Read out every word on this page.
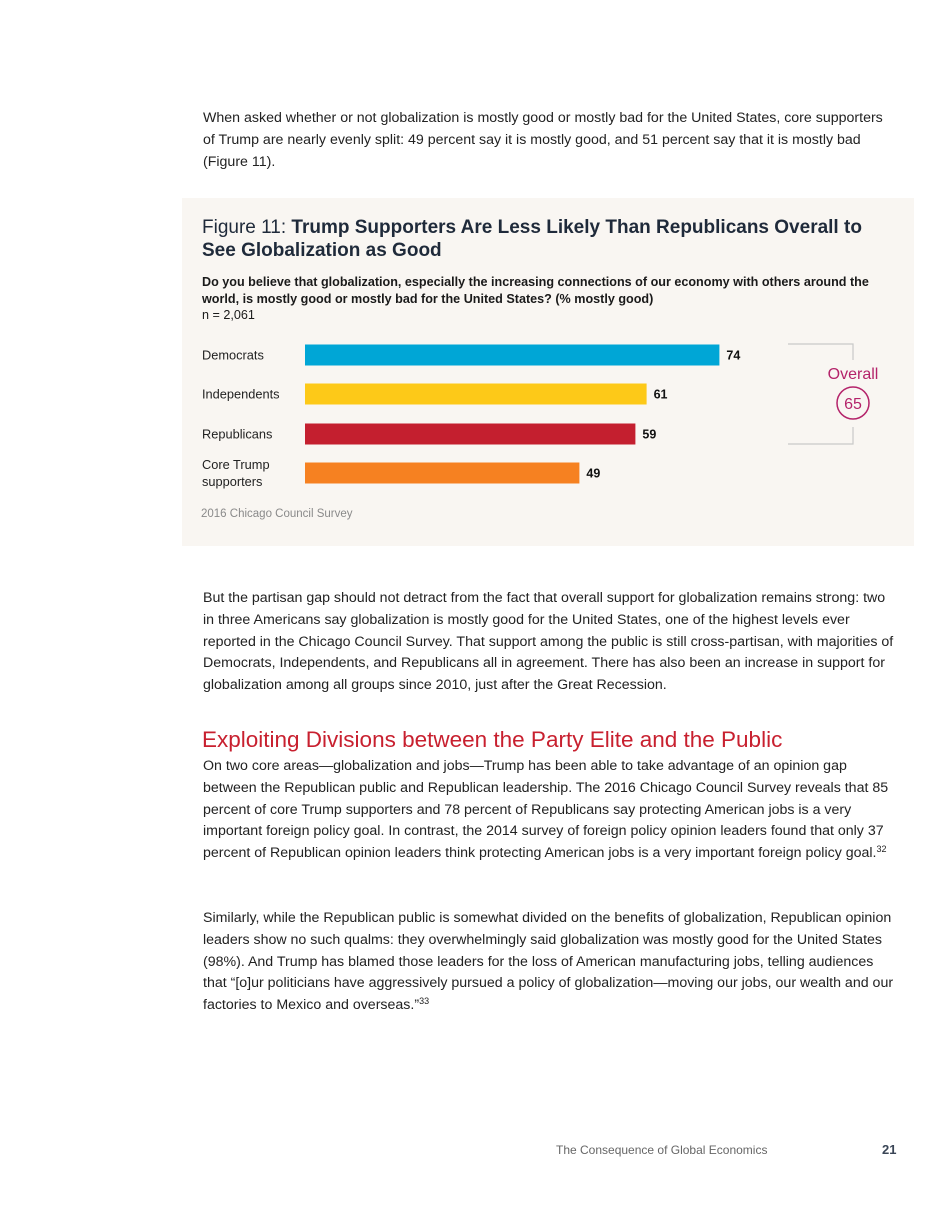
When asked whether or not globalization is mostly good or mostly bad for the United States, core supporters of Trump are nearly evenly split: 49 percent say it is mostly good, and 51 percent say that it is mostly bad (Figure 11).

Figure 11: Trump Supporters Are Less Likely Than Republicans Overall to See Globalization as Good
Do you believe that globalization, especially the increasing connections of our economy with others around the world, is mostly good or mostly bad for the United States? (% mostly good)
n = 2,061
74
Democrats
61
Independents
59
Republicans
49
Core Trump
supporters
Overall
65
2016 Chicago Council Survey

But the partisan gap should not detract from the fact that overall support for globalization remains strong: two in three Americans say globalization is mostly good for the United States, one of the highest levels ever reported in the Chicago Council Survey. That support among the public is still cross-partisan, with majorities of Democrats, Independents, and Republicans all in agreement. There has also been an increase in support for globalization among all groups since 2010, just after the Great Recession.

Exploiting Divisions between the Party Elite and the Public

On two core areas—globalization and jobs—Trump has been able to take advantage of an opinion gap between the Republican public and Republican leadership. The 2016 Chicago Council Survey reveals that 85 percent of core Trump supporters and 78 percent of Republicans say protecting American jobs is a very important foreign policy goal. In contrast, the 2014 survey of foreign policy opinion leaders found that only 37 percent of Republican opinion leaders think protecting American jobs is a very important foreign policy goal.$^{32}$

Similarly, while the Republican public is somewhat divided on the benefits of globalization, Republican opinion leaders show no such qualms: they overwhelmingly said globalization was mostly good for the United States (98%). And Trump has blamed those leaders for the loss of American manufacturing jobs, telling audiences that “[o]ur politicians have aggressively pursued a policy of globalization—moving our jobs, our wealth and our factories to Mexico and overseas.”$^{33}$

The Consequence of Global Economics	21
